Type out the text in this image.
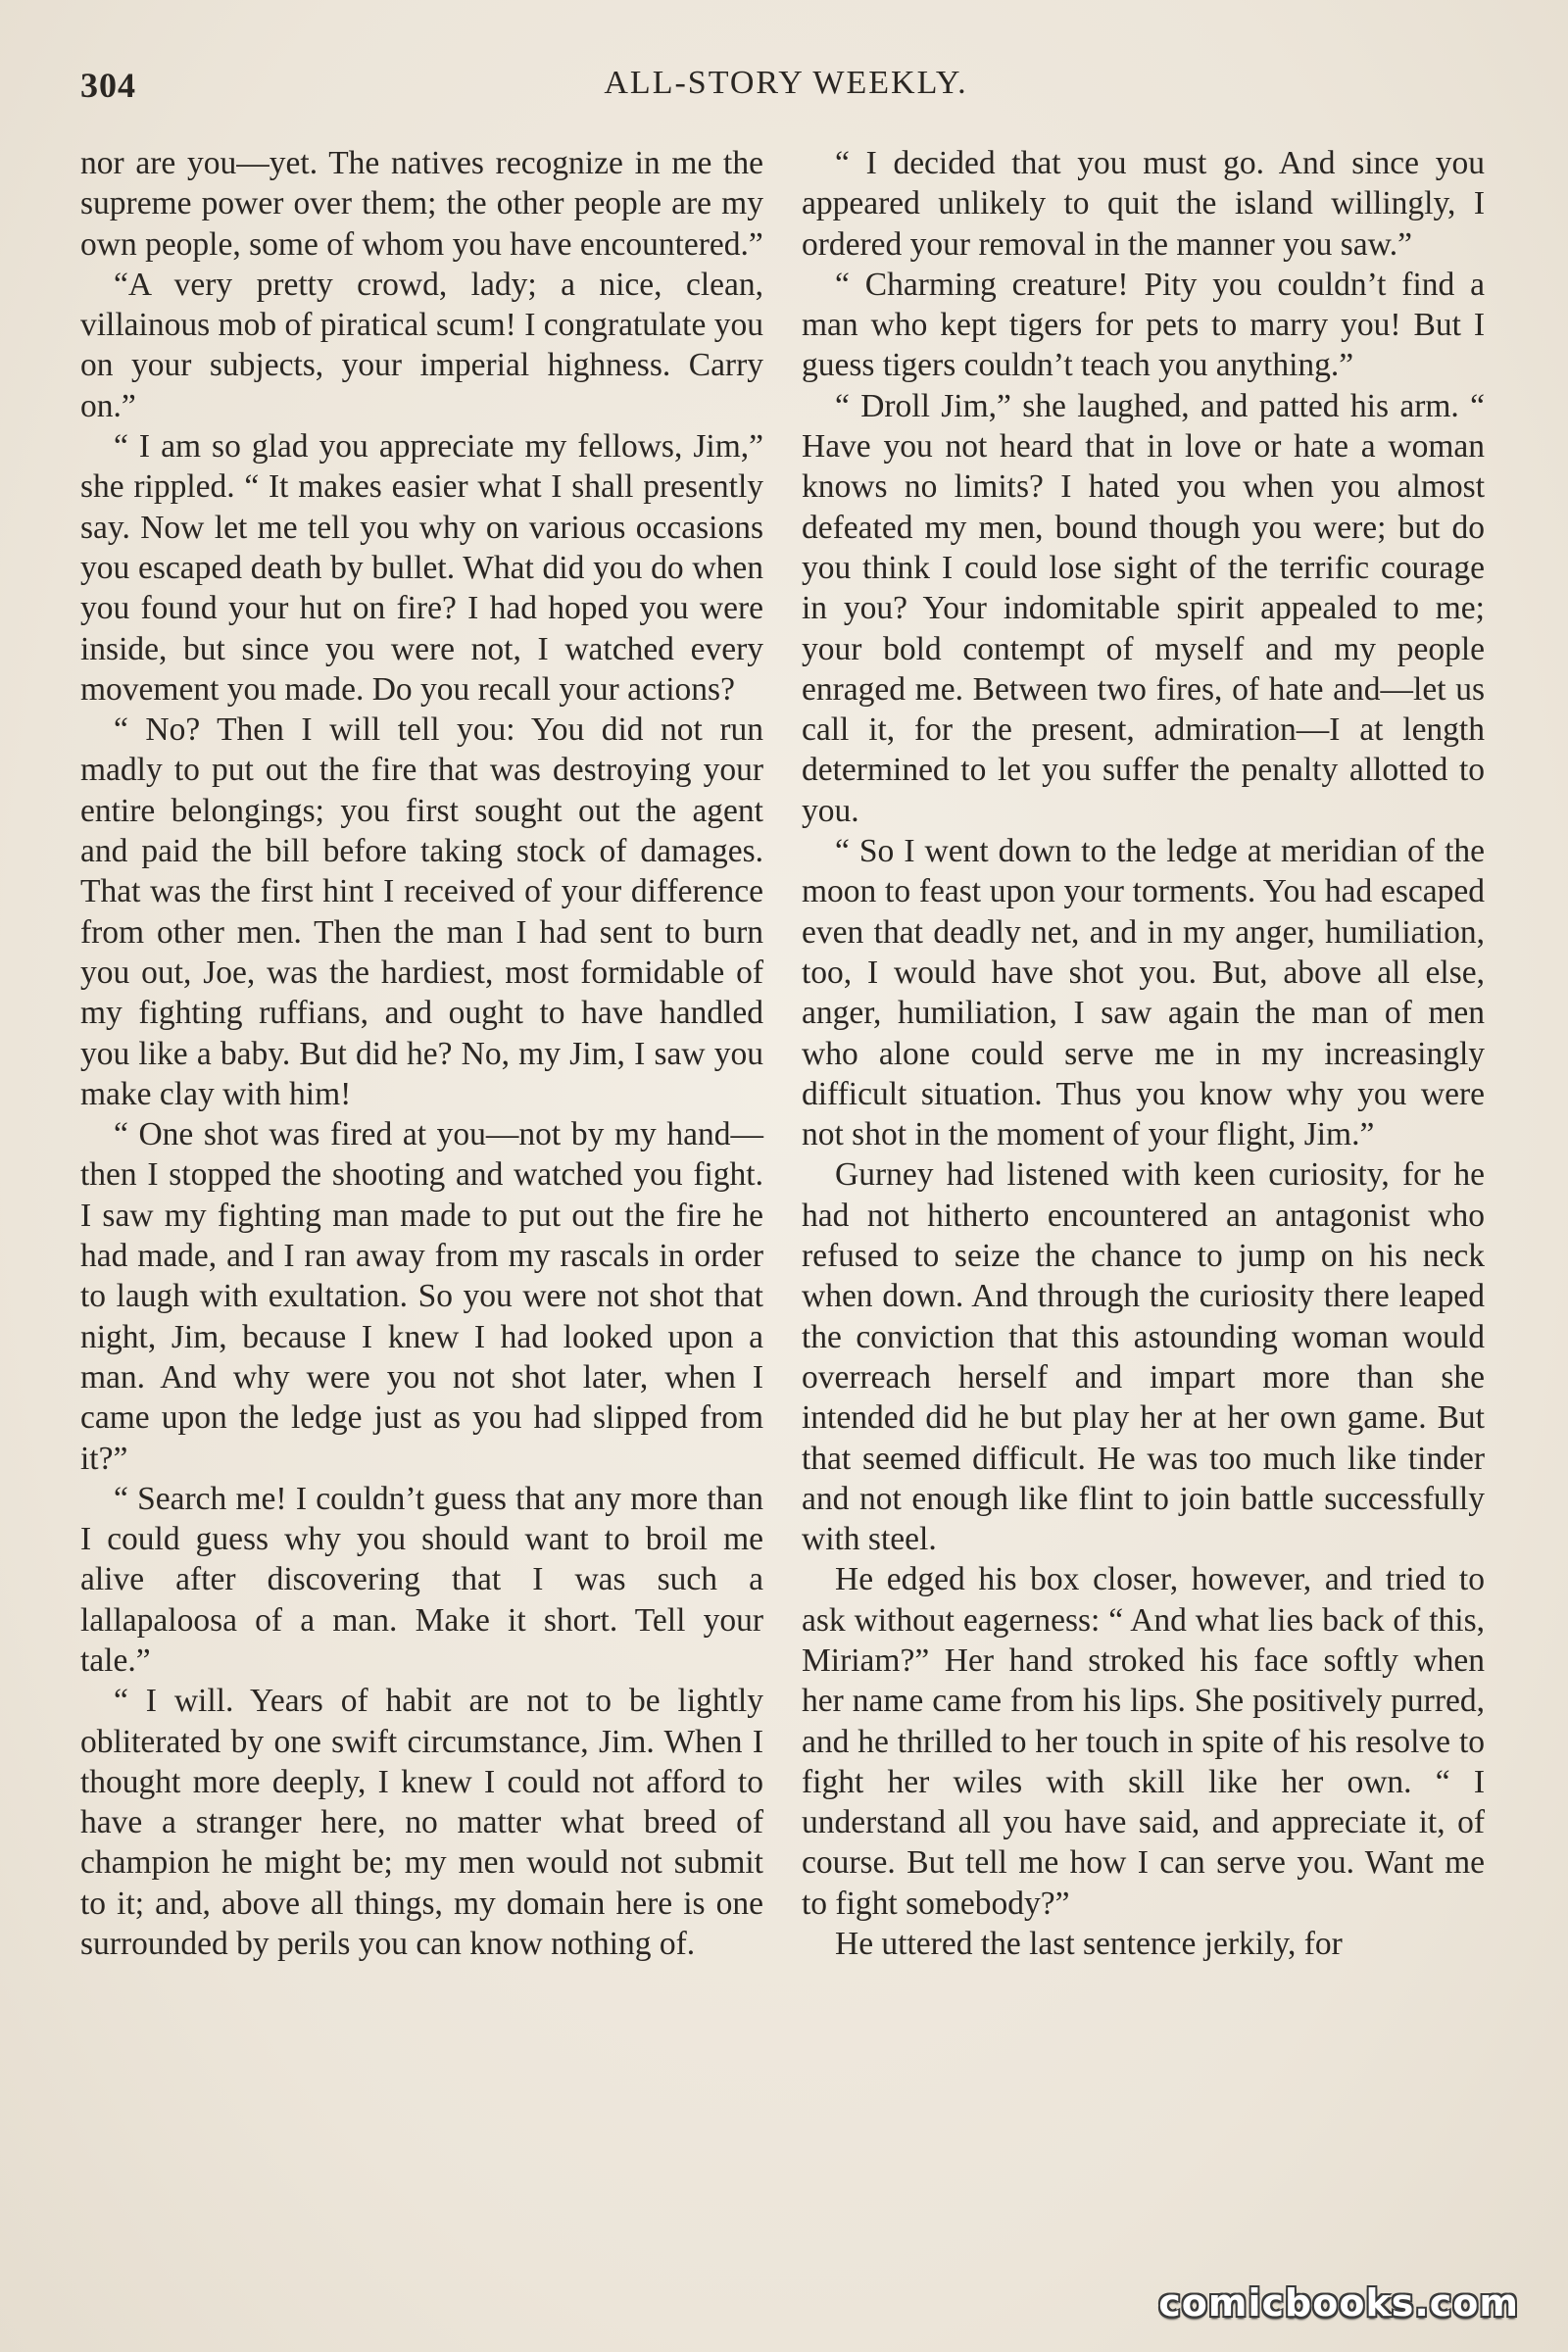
304	ALL-STORY WEEKLY.

nor are you—yet. The natives recognize in me the supreme power over them; the other people are my own people, some of whom you have encountered.”

“A very pretty crowd, lady; a nice, clean, villainous mob of piratical scum! I congratulate you on your subjects, your imperial highness. Carry on.”

“ I am so glad you appreciate my fellows, Jim,” she rippled. “ It makes easier what I shall presently say. Now let me tell you why on various occasions you escaped death by bullet. What did you do when you found your hut on fire? I had hoped you were inside, but since you were not, I watched every movement you made. Do you recall your actions?

“ No? Then I will tell you: You did not run madly to put out the fire that was destroying your entire belongings; you first sought out the agent and paid the bill before taking stock of damages. That was the first hint I received of your difference from other men. Then the man I had sent to burn you out, Joe, was the hardiest, most formidable of my fighting ruffians, and ought to have handled you like a baby. But did he? No, my Jim, I saw you make clay with him!

“ One shot was fired at you—not by my hand—then I stopped the shooting and watched you fight. I saw my fighting man made to put out the fire he had made, and I ran away from my rascals in order to laugh with exultation. So you were not shot that night, Jim, because I knew I had looked upon a man. And why were you not shot later, when I came upon the ledge just as you had slipped from it?”

“ Search me! I couldn’t guess that any more than I could guess why you should want to broil me alive after discovering that I was such a lallapaloosa of a man. Make it short. Tell your tale.”

“ I will. Years of habit are not to be lightly obliterated by one swift circumstance, Jim. When I thought more deeply, I knew I could not afford to have a stranger here, no matter what breed of champion he might be; my men would not submit to it; and, above all things, my domain here is one surrounded by perils you can know nothing of.

“ I decided that you must go. And since you appeared unlikely to quit the island willingly, I ordered your removal in the manner you saw.”

“ Charming creature! Pity you couldn’t find a man who kept tigers for pets to marry you! But I guess tigers couldn’t teach you anything.”

“ Droll Jim,” she laughed, and patted his arm. “ Have you not heard that in love or hate a woman knows no limits? I hated you when you almost defeated my men, bound though you were; but do you think I could lose sight of the terrific courage in you? Your indomitable spirit appealed to me; your bold contempt of myself and my people enraged me. Between two fires, of hate and—let us call it, for the present, admiration—I at length determined to let you suffer the penalty allotted to you.

“ So I went down to the ledge at meridian of the moon to feast upon your torments. You had escaped even that deadly net, and in my anger, humiliation, too, I would have shot you. But, above all else, anger, humiliation, I saw again the man of men who alone could serve me in my increasingly difficult situation. Thus you know why you were not shot in the moment of your flight, Jim.”

Gurney had listened with keen curiosity, for he had not hitherto encountered an antagonist who refused to seize the chance to jump on his neck when down. And through the curiosity there leaped the conviction that this astounding woman would overreach herself and impart more than she intended did he but play her at her own game. But that seemed difficult. He was too much like tinder and not enough like flint to join battle successfully with steel.

He edged his box closer, however, and tried to ask without eagerness: “ And what lies back of this, Miriam?” Her hand stroked his face softly when her name came from his lips. She positively purred, and he thrilled to her touch in spite of his resolve to fight her wiles with skill like her own. “ I understand all you have said, and appreciate it, of course. But tell me how I can serve you. Want me to fight somebody?”

He uttered the last sentence jerkily, for

comicbooks.com
